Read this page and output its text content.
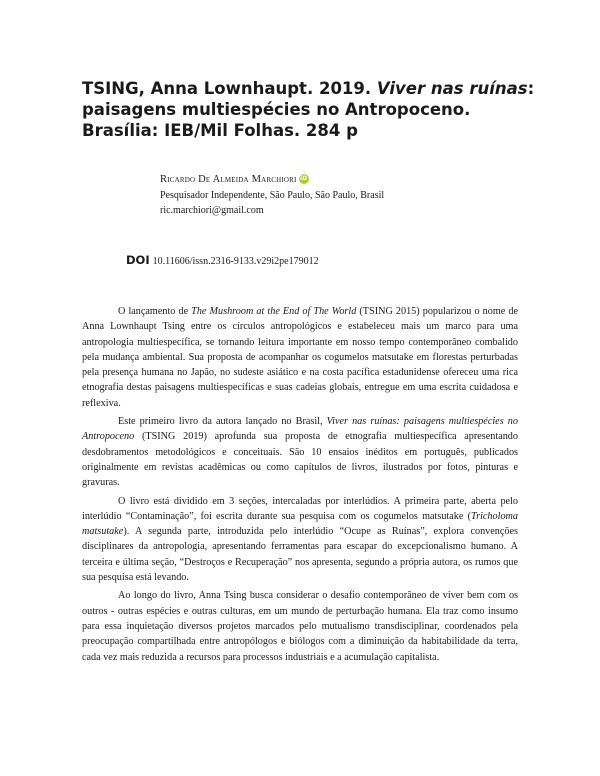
TSING, Anna Lownhaupt. 2019. Viver nas ruínas: paisagens multiespécies no Antropoceno. Brasília: IEB/Mil Folhas. 284 p
Ricardo De Almeida Marchiori iD
Pesquisador Independente, São Paulo, São Paulo, Brasil
ric.marchiori@gmail.com
DOI 10.11606/issn.2316-9133.v29i2pe179012

O lançamento de The Mushroom at the End of The World (TSING 2015) popularizou o nome de Anna Lownhaupt Tsing entre os círculos antropológicos e estabeleceu mais um marco para uma antropologia multiespecífica, se tornando leitura importante em nosso tempo contemporâneo combalido pela mudança ambiental. Sua proposta de acompanhar os cogumelos matsutake em florestas perturbadas pela presença humana no Japão, no sudeste asiático e na costa pacífica estadunidense ofereceu uma rica etnografia destas paisagens multiespecíficas e suas cadeias globais, entregue em uma escrita cuidadosa e reflexiva.

Este primeiro livro da autora lançado no Brasil, Viver nas ruínas: paisagens multiespécies no Antropoceno (TSING 2019) aprofunda sua proposta de etnografia multiespecífica apresentando desdobramentos metodológicos e conceituais. São 10 ensaios inéditos em português, publicados originalmente em revistas acadêmicas ou como capítulos de livros, ilustrados por fotos, pinturas e gravuras.

O livro está dividido em 3 seções, intercaladas por interlúdios. A primeira parte, aberta pelo interlúdio “Contaminação”, foi escrita durante sua pesquisa com os cogumelos matsutake (Tricholoma matsutake). A segunda parte, introduzida pelo interlúdio “Ocupe as Ruínas”, explora convenções disciplinares da antropologia, apresentando ferramentas para escapar do excepcionalismo humano. A terceira e última seção, “Destroços e Recuperação” nos apresenta, segundo a própria autora, os rumos que sua pesquisa está levando.

Ao longo do livro, Anna Tsing busca considerar o desafio contemporâneo de viver bem com os outros - outras espécies e outras culturas, em um mundo de perturbação humana. Ela traz como insumo para essa inquietação diversos projetos marcados pelo mutualismo transdisciplinar, coordenados pela preocupação compartilhada entre antropólogos e biólogos com a diminuição da habitabilidade da terra, cada vez mais reduzida a recursos para processos industriais e a acumulação capitalista.
